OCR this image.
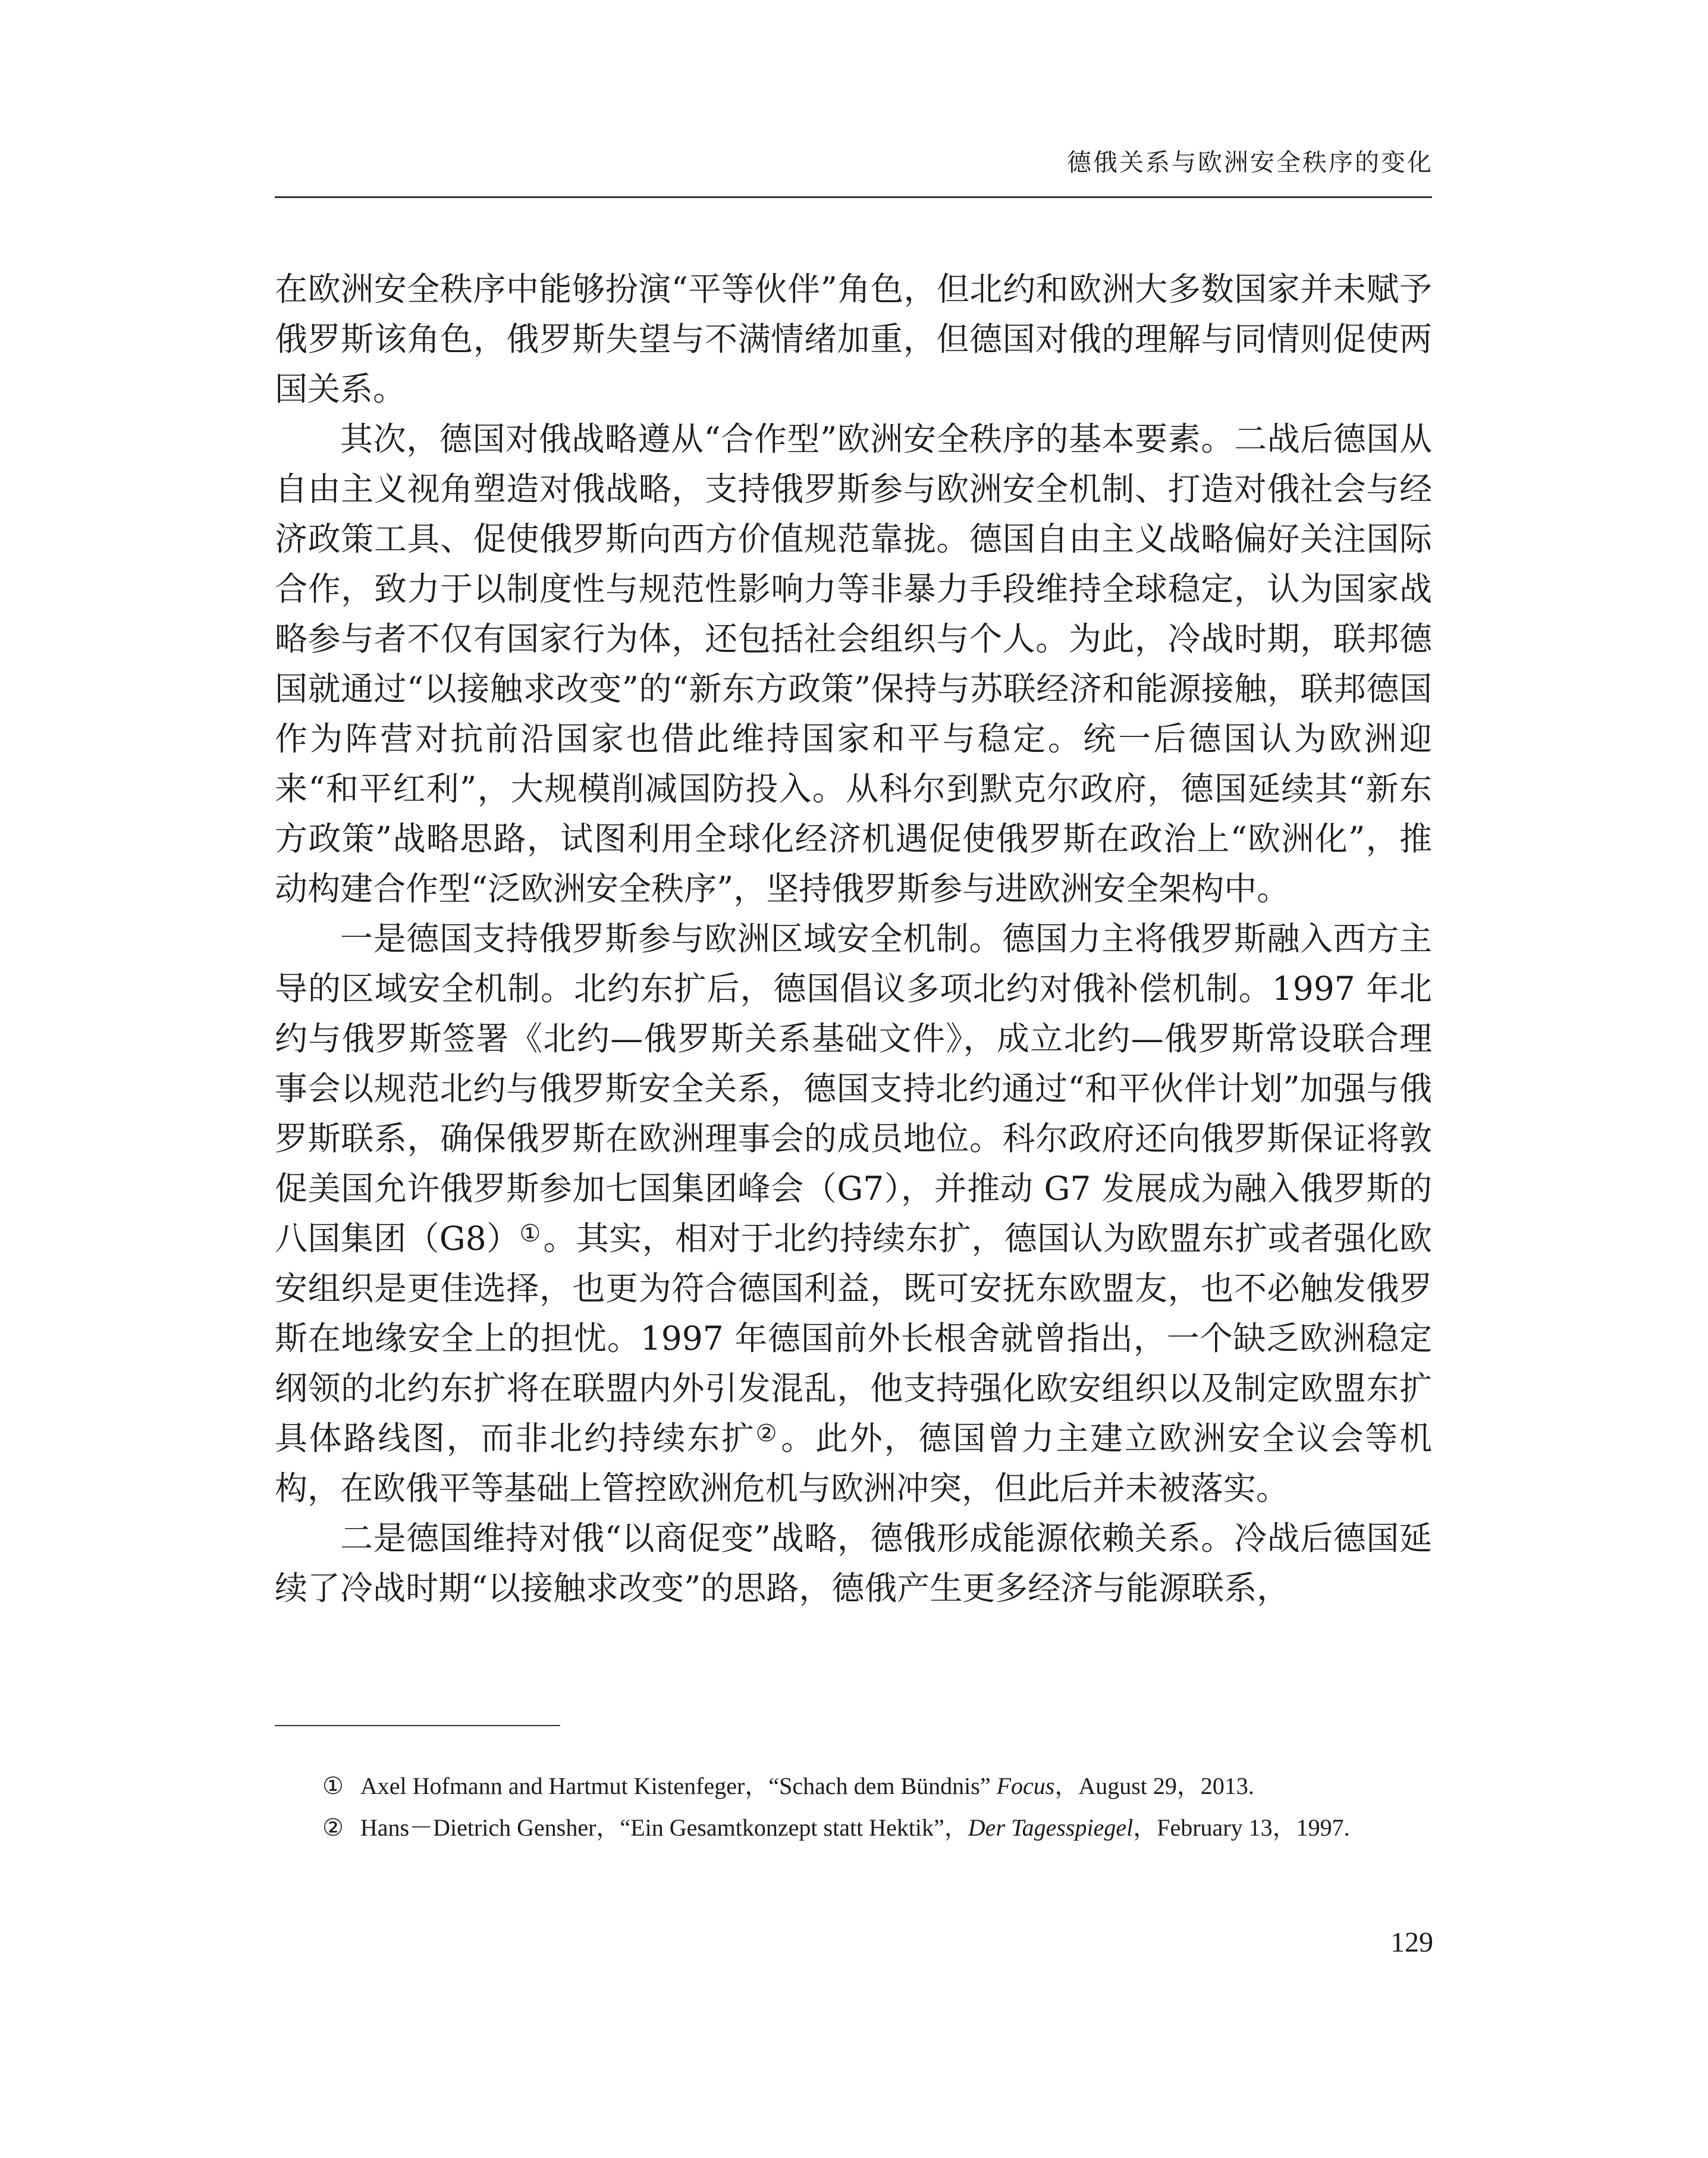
德俄关系与欧洲安全秩序的变化

在欧洲安全秩序中能够扮演“平等伙伴”角色，但北约和欧洲大多数国家并未赋予俄罗斯该角色，俄罗斯失望与不满情绪加重，但德国对俄的理解与同情则促使两国关系。

其次，德国对俄战略遵从“合作型”欧洲安全秩序的基本要素。二战后德国从自由主义视角塑造对俄战略，支持俄罗斯参与欧洲安全机制、打造对俄社会与经济政策工具、促使俄罗斯向西方价值规范靠拢。德国自由主义战略偏好关注国际合作，致力于以制度性与规范性影响力等非暴力手段维持全球稳定，认为国家战略参与者不仅有国家行为体，还包括社会组织与个人。为此，冷战时期，联邦德国就通过“以接触求改变”的“新东方政策”保持与苏联经济和能源接触，联邦德国作为阵营对抗前沿国家也借此维持国家和平与稳定。统一后德国认为欧洲迎来“和平红利”，大规模削减国防投入。从科尔到默克尔政府，德国延续其“新东方政策”战略思路，试图利用全球化经济机遇促使俄罗斯在政治上“欧洲化”，推动构建合作型“泛欧洲安全秩序”，坚持俄罗斯参与进欧洲安全架构中。

一是德国支持俄罗斯参与欧洲区域安全机制。德国力主将俄罗斯融入西方主导的区域安全机制。北约东扩后，德国倡议多项北约对俄补偿机制。1997 年北约与俄罗斯签署《北约—俄罗斯关系基础文件》，成立北约—俄罗斯常设联合理事会以规范北约与俄罗斯安全关系，德国支持北约通过“和平伙伴计划”加强与俄罗斯联系，确保俄罗斯在欧洲理事会的成员地位。科尔政府还向俄罗斯保证将敦促美国允许俄罗斯参加七国集团峰会（G7），并推动 G7 发展成为融入俄罗斯的八国集团（G8）①。其实，相对于北约持续东扩，德国认为欧盟东扩或者强化欧安组织是更佳选择，也更为符合德国利益，既可安抚东欧盟友，也不必触发俄罗斯在地缘安全上的担忧。1997 年德国前外长根舍就曾指出，一个缺乏欧洲稳定纲领的北约东扩将在联盟内外引发混乱，他支持强化欧安组织以及制定欧盟东扩具体路线图，而非北约持续东扩②。此外，德国曾力主建立欧洲安全议会等机构，在欧俄平等基础上管控欧洲危机与欧洲冲突，但此后并未被落实。

二是德国维持对俄“以商促变”战略，德俄形成能源依赖关系。冷战后德国延续了冷战时期“以接触求改变”的思路，德俄产生更多经济与能源联系，

① Axel Hofmann and Hartmut Kistenfeger，“Schach dem Bündnis” Focus，August 29，2013.

② Hans－Dietrich Gensher，“Ein Gesamtkonzept statt Hektik”，Der Tagesspiegel，February 13，1997.

129
